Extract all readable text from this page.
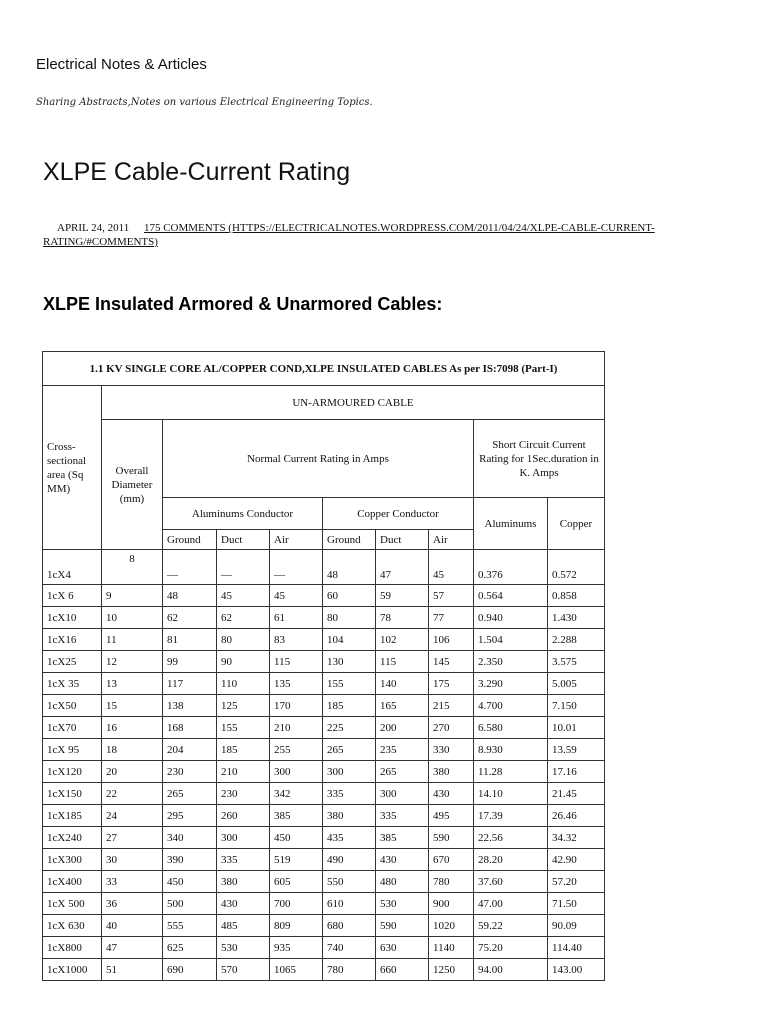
Electrical Notes & Articles
Sharing Abstracts,Notes on various Electrical Engineering Topics.
XLPE Cable-Current Rating
APRIL 24, 2011 175 COMMENTS (HTTPS://ELECTRICALNOTES.WORDPRESS.COM/2011/04/24/XLPE-CABLE-CURRENT-RATING/#COMMENTS)
XLPE Insulated Armored & Unarmored Cables:
1.1 KV SINGLE CORE AL/COPPER COND,XLPE INSULATED CABLES As per IS:7098 (Part-I)									
Cross-sectional area (Sq MM)	UN-ARMOURED CABLE								
	Overall Diameter (mm)	Normal Current Rating in Amps						Short Circuit Current Rating for 1Sec.duration in K. Amps	
		Aluminums Conductor			Copper Conductor			Aluminums	Copper
		Ground	Duct	Air	Ground	Duct	Air		
1cX4	8	—	—	—	48	47	45	0.376	0.572
1cX 6	9	48	45	45	60	59	57	0.564	0.858
1cX10	10	62	62	61	80	78	77	0.940	1.430
1cX16	11	81	80	83	104	102	106	1.504	2.288
1cX25	12	99	90	115	130	115	145	2.350	3.575
1cX 35	13	117	110	135	155	140	175	3.290	5.005
1cX50	15	138	125	170	185	165	215	4.700	7.150
1cX70	16	168	155	210	225	200	270	6.580	10.01
1cX 95	18	204	185	255	265	235	330	8.930	13.59
1cX120	20	230	210	300	300	265	380	11.28	17.16
1cX150	22	265	230	342	335	300	430	14.10	21.45
1cX185	24	295	260	385	380	335	495	17.39	26.46
1cX240	27	340	300	450	435	385	590	22.56	34.32
1cX300	30	390	335	519	490	430	670	28.20	42.90
1cX400	33	450	380	605	550	480	780	37.60	57.20
1cX 500	36	500	430	700	610	530	900	47.00	71.50
1cX 630	40	555	485	809	680	590	1020	59.22	90.09
1cX800	47	625	530	935	740	630	1140	75.20	114.40
1cX1000	51	690	570	1065	780	660	1250	94.00	143.00
